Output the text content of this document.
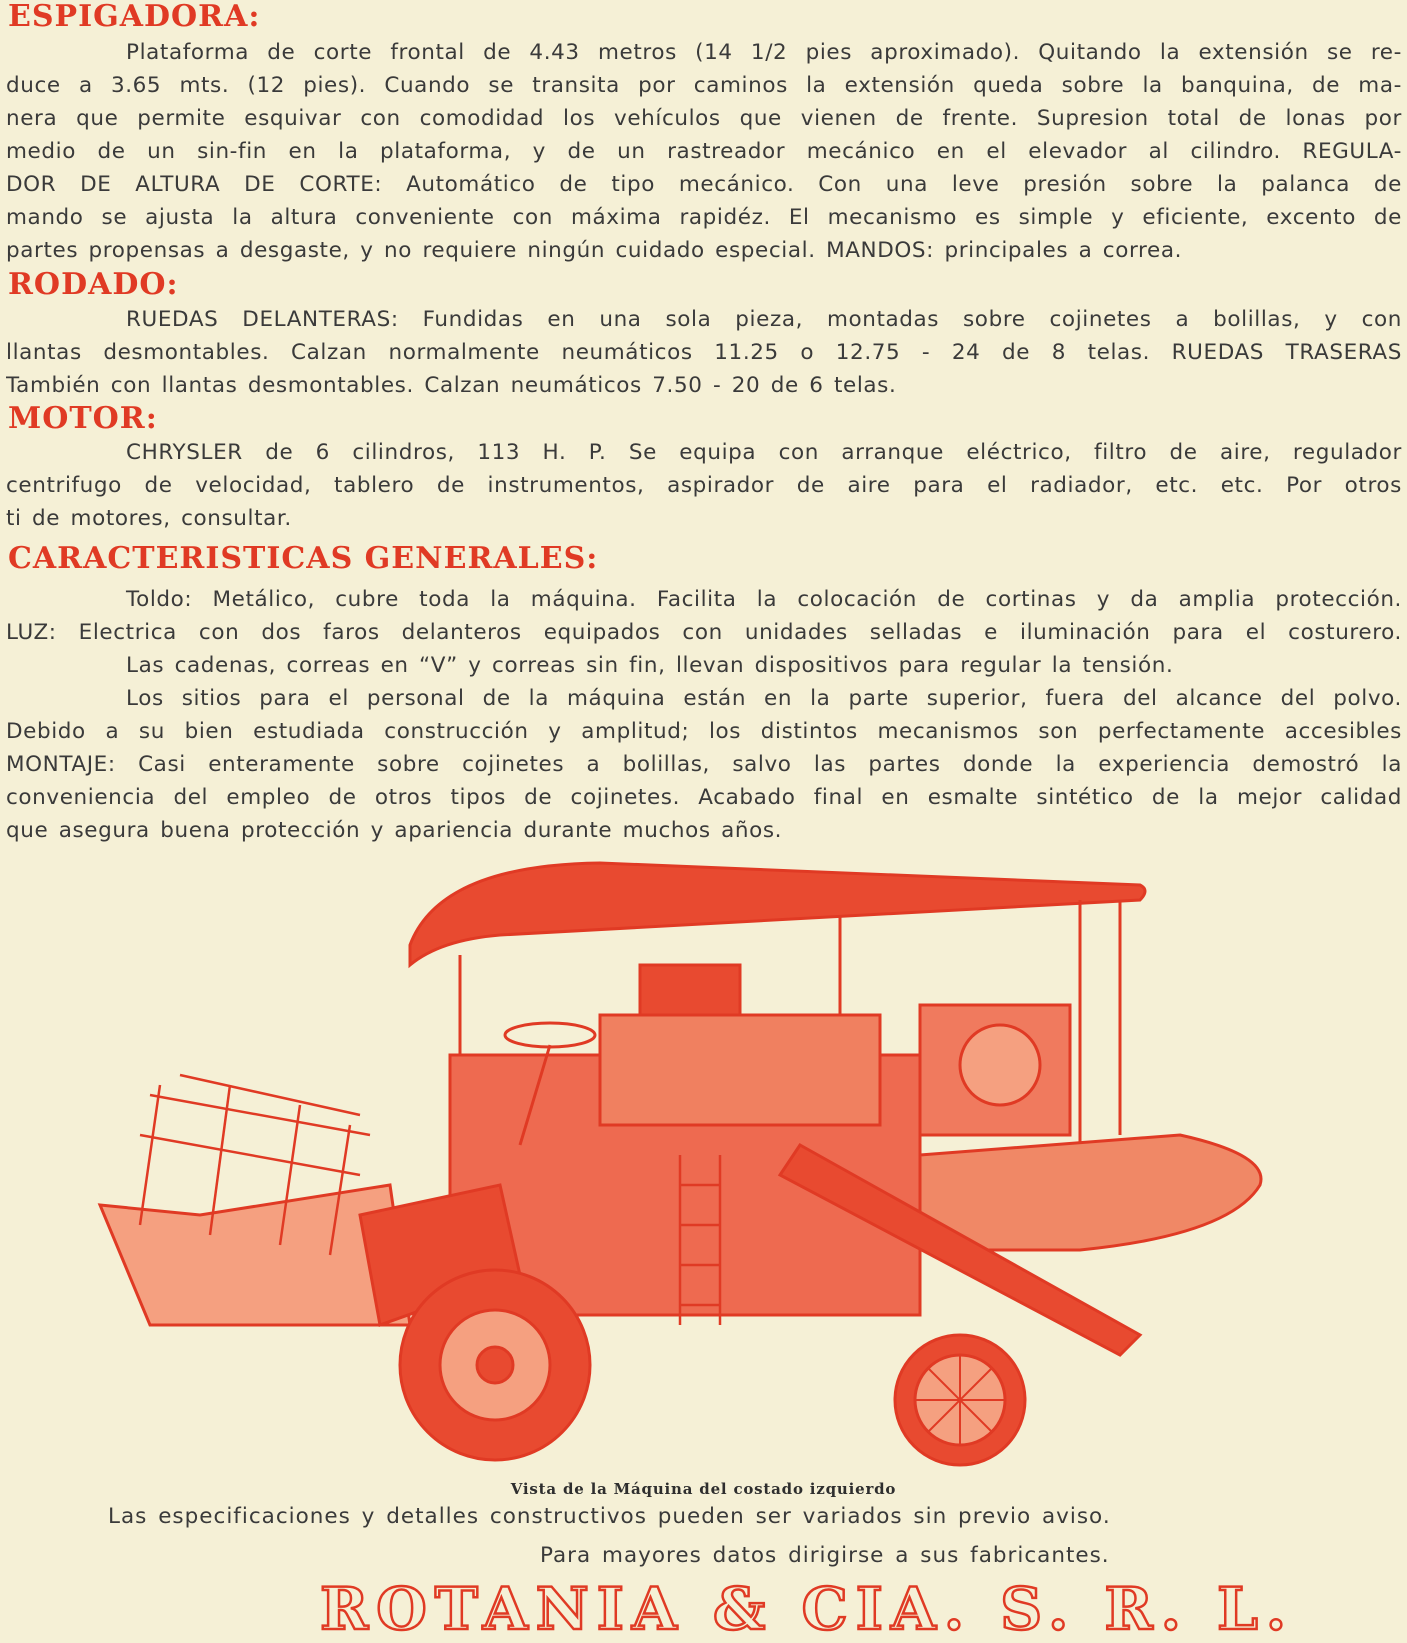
ESPIGADORA:
Plataforma de corte frontal de 4.43 metros (14 1/2 pies aproximado). Quitando la extensión se re-
duce a 3.65 mts. (12 pies). Cuando se transita por caminos la extensión queda sobre la banquina, de ma-
nera que permite esquivar con comodidad los vehículos que vienen de frente. Supresion total de lonas por
medio de un sin-fin en la plataforma, y de un rastreador mecánico en el elevador al cilindro. REGULA-
DOR DE ALTURA DE CORTE: Automático de tipo mecánico. Con una leve presión sobre la palanca de
mando se ajusta la altura conveniente con máxima rapidéz. El mecanismo es simple y eficiente, excento de
partes propensas a desgaste, y no requiere ningún cuidado especial. MANDOS: principales a correa.
RODADO:
RUEDAS DELANTERAS: Fundidas en una sola pieza, montadas sobre cojinetes a bolillas, y con
llantas desmontables. Calzan normalmente neumáticos 11.25 o 12.75 - 24 de 8 telas. RUEDAS TRASERAS
También con llantas desmontables. Calzan neumáticos 7.50 - 20 de 6 telas.
MOTOR:
CHRYSLER de 6 cilindros, 113 H. P. Se equipa con arranque eléctrico, filtro de aire, regulador
centrifugo de velocidad, tablero de instrumentos, aspirador de aire para el radiador, etc. etc. Por otros
ti de motores, consultar.
CARACTERISTICAS GENERALES:
Toldo: Metálico, cubre toda la máquina. Facilita la colocación de cortinas y da amplia protección.
LUZ: Electrica con dos faros delanteros equipados con unidades selladas e iluminación para el costurero.
Las cadenas, correas en “V” y correas sin fin, llevan dispositivos para regular la tensión.
Los sitios para el personal de la máquina están en la parte superior, fuera del alcance del polvo.
Debido a su bien estudiada construcción y amplitud; los distintos mecanismos son perfectamente accesibles
MONTAJE: Casi enteramente sobre cojinetes a bolillas, salvo las partes donde la experiencia demostró la
conveniencia del empleo de otros tipos de cojinetes. Acabado final en esmalte sintético de la mejor calidad
que asegura buena protección y apariencia durante muchos años.
Vista de la Máquina del costado izquierdo
Las especificaciones y detalles constructivos pueden ser variados sin previo aviso.
Para mayores datos dirigirse a sus fabricantes.
ROTANIA & CIA. S. R. L.
